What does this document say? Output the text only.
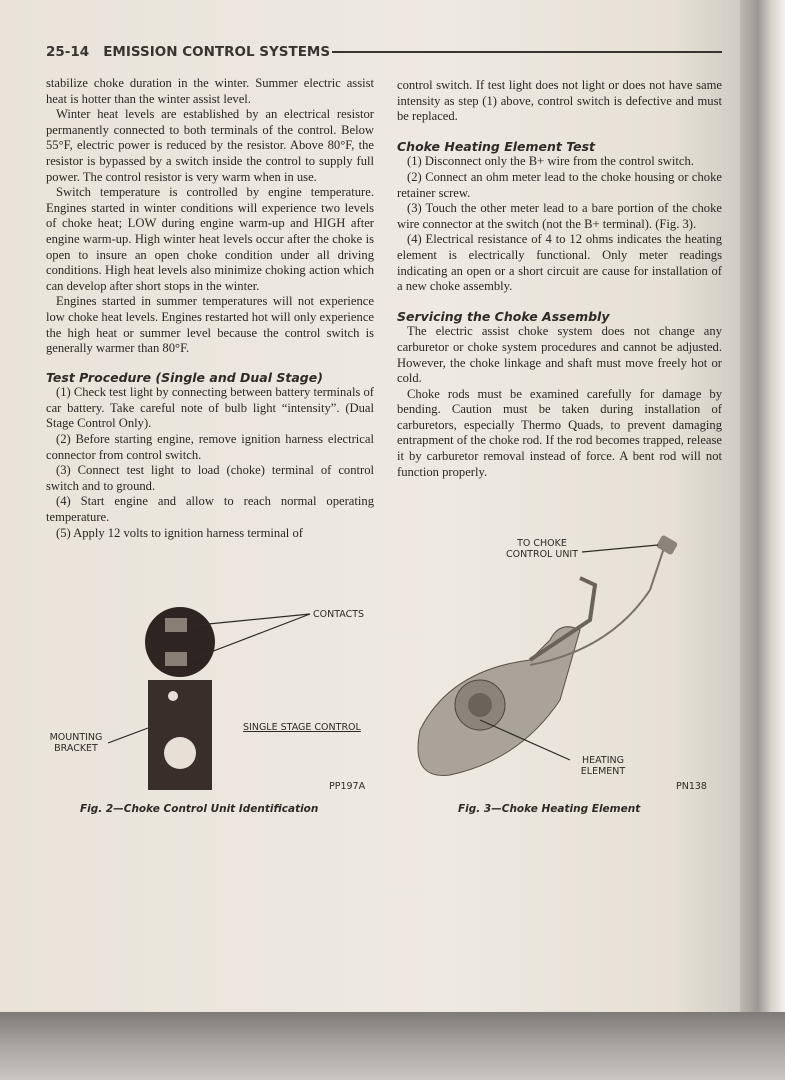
25-14 EMISSION CONTROL SYSTEMS

stabilize choke duration in the winter. Summer electric assist heat is hotter than the winter assist level.

Winter heat levels are established by an electrical resistor permanently connected to both terminals of the control. Below 55°F, electric power is reduced by the resistor. Above 80°F, the resistor is bypassed by a switch inside the control to supply full power. The control resistor is very warm when in use.

Switch temperature is controlled by engine temperature. Engines started in winter conditions will experience two levels of choke heat; LOW during engine warm-up and HIGH after engine warm-up. High winter heat levels occur after the choke is open to insure an open choke condition under all driving conditions. High heat levels also minimize choking action which can develop after short stops in the winter.

Engines started in summer temperatures will not experience low choke heat levels. Engines restarted hot will only experience the high heat or summer level because the control switch is generally warmer than 80°F.

Test Procedure (Single and Dual Stage)

(1) Check test light by connecting between battery terminals of car battery. Take careful note of bulb light “intensity”. (Dual Stage Control Only).

(2) Before starting engine, remove ignition harness electrical connector from control switch.

(3) Connect test light to load (choke) terminal of control switch and to ground.

(4) Start engine and allow to reach normal operating temperature.

(5) Apply 12 volts to ignition harness terminal of

control switch. If test light does not light or does not have same intensity as step (1) above, control switch is defective and must be replaced.

Choke Heating Element Test

(1) Disconnect only the B+ wire from the control switch.

(2) Connect an ohm meter lead to the choke housing or choke retainer screw.

(3) Touch the other meter lead to a bare portion of the choke wire connector at the switch (not the B+ terminal). (Fig. 3).

(4) Electrical resistance of 4 to 12 ohms indicates the heating element is electrically functional. Only meter readings indicating an open or a short circuit are cause for installation of a new choke assembly.

Servicing the Choke Assembly

The electric assist choke system does not change any carburetor or choke system procedures and cannot be adjusted. However, the choke linkage and shaft must move freely hot or cold.

Choke rods must be examined carefully for damage by bending. Caution must be taken during installation of carburetors, especially Thermo Quads, to prevent damaging entrapment of the choke rod. If the rod becomes trapped, release it by carburetor removal instead of force. A bent rod will not function properly.

CONTACTS
MOUNTING BRACKET
SINGLE STAGE CONTROL
PP197A
Fig. 2—Choke Control Unit Identification
TO CHOKE CONTROL UNIT
HEATING ELEMENT
PN138
Fig. 3—Choke Heating Element
